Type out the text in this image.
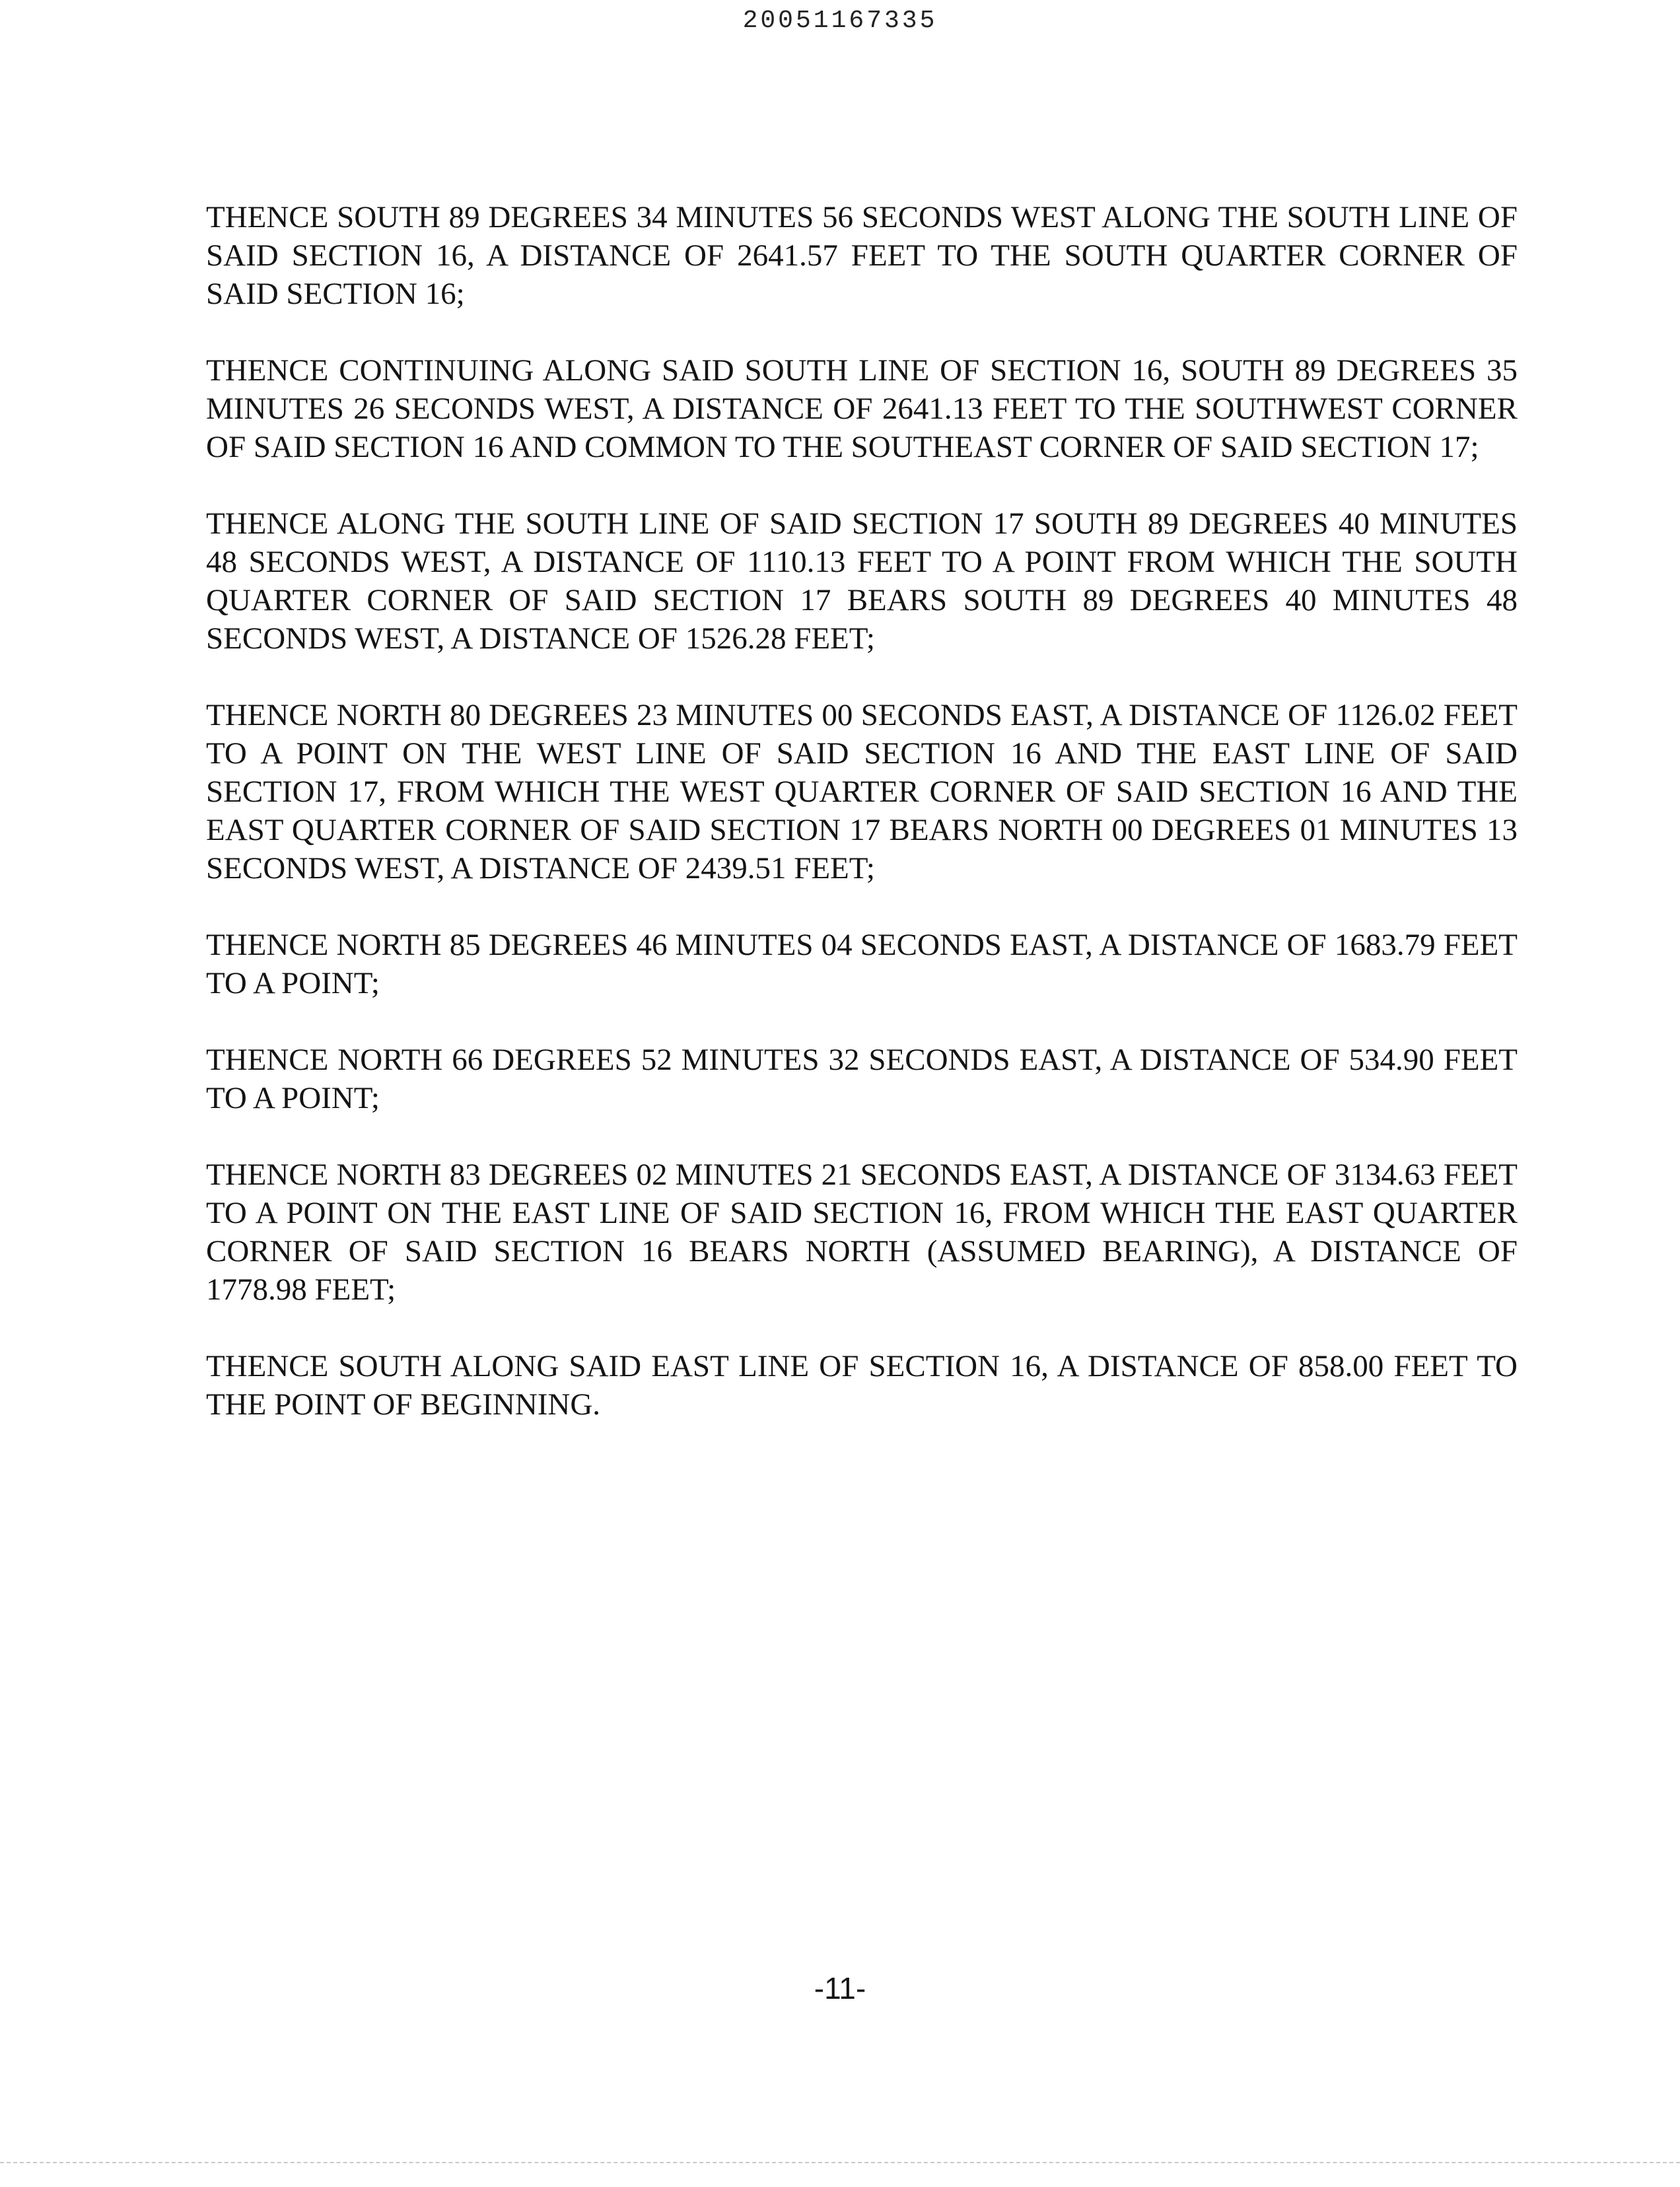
20051167335

THENCE SOUTH 89 DEGREES 34 MINUTES 56 SECONDS WEST ALONG THE SOUTH LINE OF SAID SECTION 16, A DISTANCE OF 2641.57 FEET TO THE SOUTH QUARTER CORNER OF SAID SECTION 16;

THENCE CONTINUING ALONG SAID SOUTH LINE OF SECTION 16, SOUTH 89 DEGREES 35 MINUTES 26 SECONDS WEST, A DISTANCE OF 2641.13 FEET TO THE SOUTHWEST CORNER OF SAID SECTION 16 AND COMMON TO THE SOUTHEAST CORNER OF SAID SECTION 17;

THENCE ALONG THE SOUTH LINE OF SAID SECTION 17 SOUTH 89 DEGREES 40 MINUTES 48 SECONDS WEST, A DISTANCE OF 1110.13 FEET TO A POINT FROM WHICH THE SOUTH QUARTER CORNER OF SAID SECTION 17 BEARS SOUTH 89 DEGREES 40 MINUTES 48 SECONDS WEST, A DISTANCE OF 1526.28 FEET;

THENCE NORTH 80 DEGREES 23 MINUTES 00 SECONDS EAST, A DISTANCE OF 1126.02 FEET TO A POINT ON THE WEST LINE OF SAID SECTION 16 AND THE EAST LINE OF SAID SECTION 17, FROM WHICH THE WEST QUARTER CORNER OF SAID SECTION 16 AND THE EAST QUARTER CORNER OF SAID SECTION 17 BEARS NORTH 00 DEGREES 01 MINUTES 13 SECONDS WEST, A DISTANCE OF 2439.51 FEET;

THENCE NORTH 85 DEGREES 46 MINUTES 04 SECONDS EAST, A DISTANCE OF 1683.79 FEET TO A POINT;

THENCE NORTH 66 DEGREES 52 MINUTES 32 SECONDS EAST, A DISTANCE OF 534.90 FEET TO A POINT;

THENCE NORTH 83 DEGREES 02 MINUTES 21 SECONDS EAST, A DISTANCE OF 3134.63 FEET TO A POINT ON THE EAST LINE OF SAID SECTION 16, FROM WHICH THE EAST QUARTER CORNER OF SAID SECTION 16 BEARS NORTH (ASSUMED BEARING), A DISTANCE OF 1778.98 FEET;

THENCE SOUTH ALONG SAID EAST LINE OF SECTION 16, A DISTANCE OF 858.00 FEET TO THE POINT OF BEGINNING.

-11-
